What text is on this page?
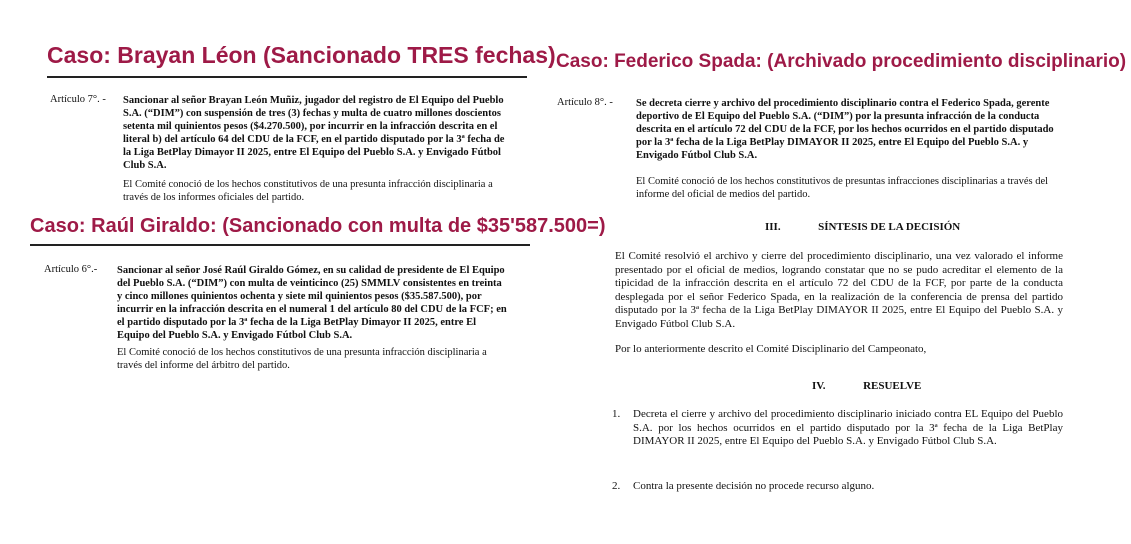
Caso: Brayan Léon (Sancionado TRES fechas)
Artículo 7°. - Sancionar al señor Brayan León Muñiz, jugador del registro de El Equipo del Pueblo S.A. (“DIM”) con suspensión de tres (3) fechas y multa de cuatro millones doscientos setenta mil quinientos pesos ($4.270.500), por incurrir en la infracción descrita en el literal b) del artículo 64 del CDU de la FCF, en el partido disputado por la 3ª fecha de la Liga BetPlay Dimayor II 2025, entre El Equipo del Pueblo S.A. y Envigado Fútbol Club S.A.

El Comité conoció de los hechos constitutivos de una presunta infracción disciplinaria a través de los informes oficiales del partido.

Caso: Raúl Giraldo: (Sancionado con multa de $35'587.500=)
Artículo 6°.- Sancionar al señor José Raúl Giraldo Gómez, en su calidad de presidente de El Equipo del Pueblo S.A. (“DIM”) con multa de veinticinco (25) SMMLV consistentes en treinta y cinco millones quinientos ochenta y siete mil quinientos pesos ($35.587.500), por incurrir en la infracción descrita en el numeral 1 del artículo 80 del CDU de la FCF; en el partido disputado por la 3ª fecha de la Liga BetPlay Dimayor II 2025, entre El Equipo del Pueblo S.A. y Envigado Fútbol Club S.A.

El Comité conoció de los hechos constitutivos de una presunta infracción disciplinaria a través del informe del árbitro del partido.

Caso: Federico Spada: (Archivado procedimiento disciplinario)
Artículo 8°. - Se decreta cierre y archivo del procedimiento disciplinario contra el Federico Spada, gerente deportivo de El Equipo del Pueblo S.A. (“DIM”) por la presunta infracción de la conducta descrita en el artículo 72 del CDU de la FCF, por los hechos ocurridos en el partido disputado por la 3ª fecha de la Liga BetPlay DIMAYOR II 2025, entre El Equipo del Pueblo S.A. y Envigado Fútbol Club S.A.

El Comité conoció de los hechos constitutivos de presuntas infracciones disciplinarias a través del informe del oficial de medios del partido.

III.	SÍNTESIS DE LA DECISIÓN

El Comité resolvió el archivo y cierre del procedimiento disciplinario, una vez valorado el informe presentado por el oficial de medios, logrando constatar que no se pudo acreditar el elemento de la tipicidad de la infracción descrita en el artículo 72 del CDU de la FCF, por parte de la conducta desplegada por el señor Federico Spada, en la realización de la conferencia de prensa del partido disputado por la 3ª fecha de la Liga BetPlay DIMAYOR II 2025, entre El Equipo del Pueblo S.A. y Envigado Fútbol Club S.A.

Por lo anteriormente descrito el Comité Disciplinario del Campeonato,

IV.	RESUELVE
1. Decreta el cierre y archivo del procedimiento disciplinario iniciado contra EL Equipo del Pueblo S.A. por los hechos ocurridos en el partido disputado por la 3ª fecha de la Liga BetPlay DIMAYOR II 2025, entre El Equipo del Pueblo S.A. y Envigado Fútbol Club S.A.

2. Contra la presente decisión no procede recurso alguno.
